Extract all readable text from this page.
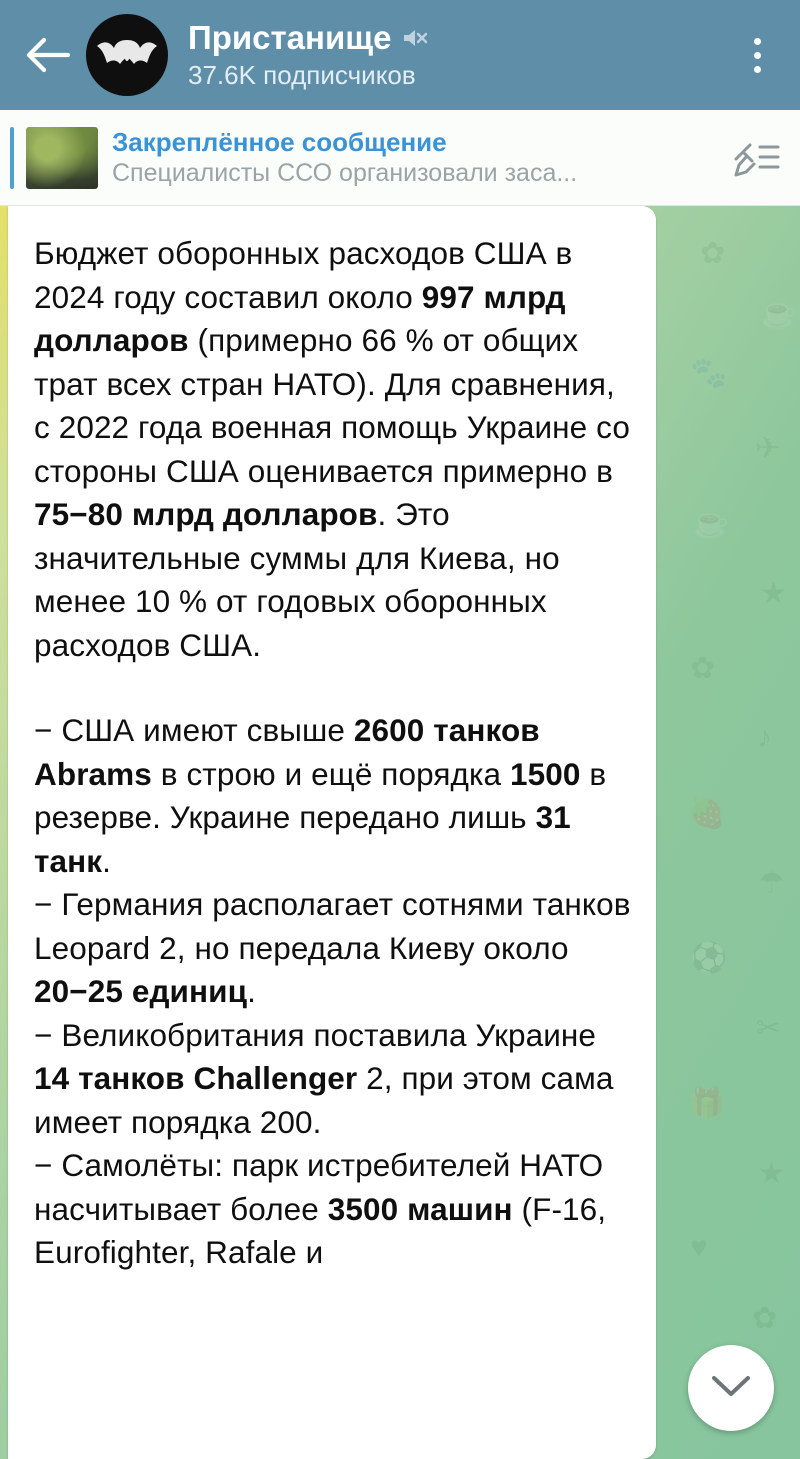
Пристанище
37.6K подписчиков
Закреплённое сообщение
Специалисты ССО организовали заса...
✿
☕
🐾
✈
☕
★
✿
♪
🍓
☂
⚽
✂
🎁
★
♥
✿

Бюджет оборонных расходов США в 2024 году составил около 997 млрд долларов (примерно 66 % от общих трат всех стран НАТО). Для сравнения, с 2022 года военная помощь Украине со стороны США оценивается примерно в 75−80 млрд долларов. Это значительные суммы для Киева, но менее 10 % от годовых оборонных расходов США.

− США имеют свыше 2600 танков Abrams в строю и ещё порядка 1500 в резерве. Украине передано лишь 31 танк.

− Германия располагает сотнями танков Leopard 2, но передала Киеву около 20−25 единиц.

− Великобритания поставила Украине 14 танков Challenger 2, при этом сама имеет порядка 200.

− Самолёты: парк истребителей НАТО насчитывает более 3500 машин (F-16, Eurofighter, Rafale и
